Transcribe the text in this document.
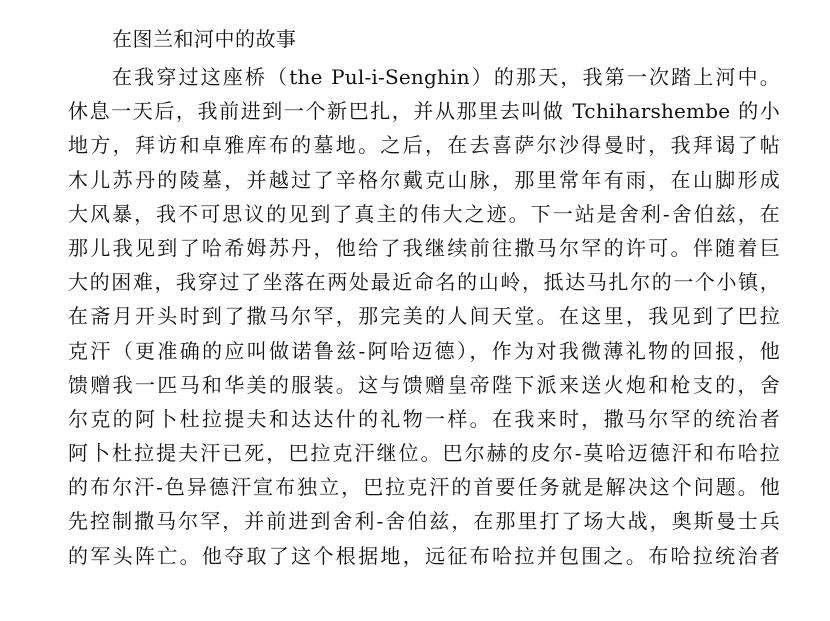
在图兰和河中的故事
在我穿过这座桥（the Pul-i-Senghin）的那天，我第一次踏上河中。
休息一天后，我前进到一个新巴扎，并从那里去叫做 Tchiharshembe 的小
地方，拜访和卓雅库布的墓地。之后，在去喜萨尔沙得曼时，我拜谒了帖
木儿苏丹的陵墓，并越过了辛格尔戴克山脉，那里常年有雨，在山脚形成
大风暴，我不可思议的见到了真主的伟大之迹。下一站是舍利-舍伯兹，在
那儿我见到了哈希姆苏丹，他给了我继续前往撒马尔罕的许可。伴随着巨
大的困难，我穿过了坐落在两处最近命名的山岭，抵达马扎尔的一个小镇，
在斋月开头时到了撒马尔罕，那完美的人间天堂。在这里，我见到了巴拉
克汗（更准确的应叫做诺鲁兹-阿哈迈德），作为对我微薄礼物的回报，他
馈赠我一匹马和华美的服装。这与馈赠皇帝陛下派来送火炮和枪支的，舍
尔克的阿卜杜拉提夫和达达什的礼物一样。在我来时，撒马尔罕的统治者
阿卜杜拉提夫汗已死，巴拉克汗继位。巴尔赫的皮尔-莫哈迈德汗和布哈拉
的布尔汗-色异德汗宣布独立，巴拉克汗的首要任务就是解决这个问题。他
先控制撒马尔罕，并前进到舍利-舍伯兹，在那里打了场大战，奥斯曼士兵
的军头阵亡。他夺取了这个根据地，远征布哈拉并包围之。布哈拉统治者
